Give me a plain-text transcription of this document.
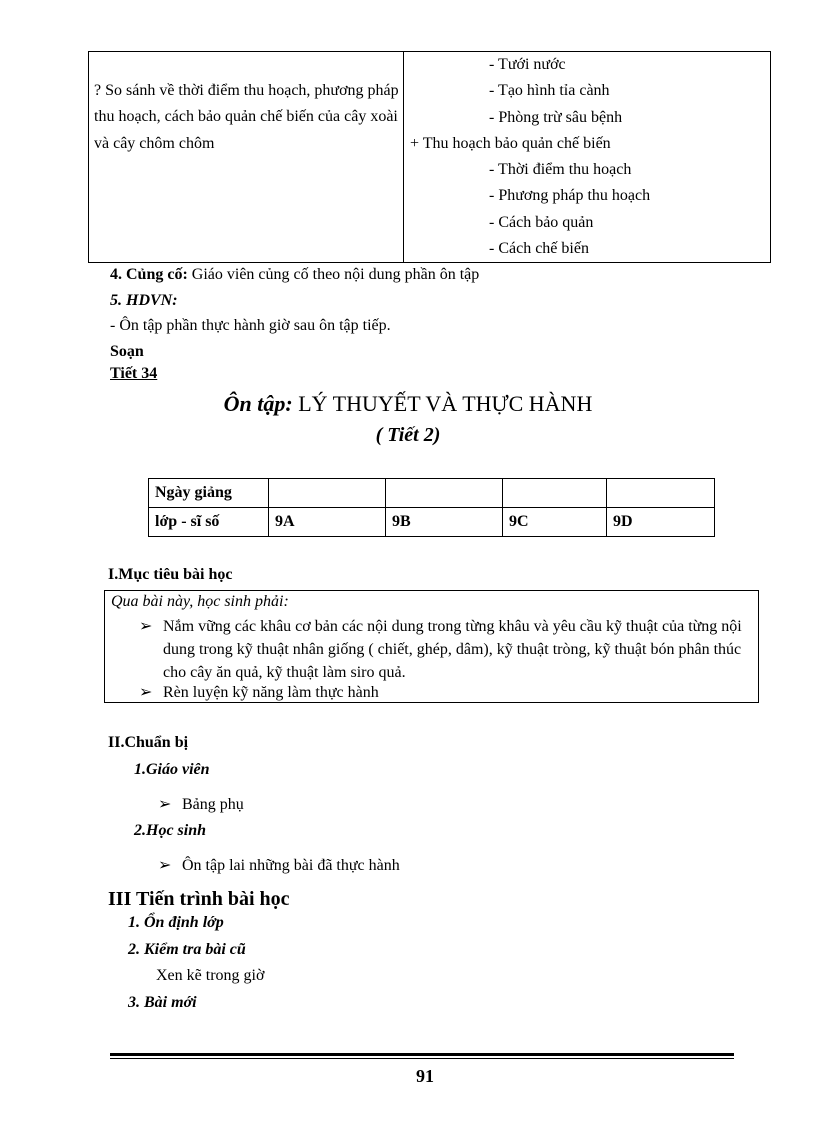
? So sánh về thời điểm thu hoạch, phương pháp thu hoạch, cách bảo quản chế biến của cây xoài và cây chôm chôm	
- Tưới nước
- Tạo hình tỉa cành
- Phòng trừ sâu bệnh
+ Thu hoạch bảo quản chế biến
- Thời điểm thu hoạch
- Phương pháp thu hoạch
- Cách bảo quản
- Cách chế biến
4. Củng cố: Giáo viên củng cố theo nội dung phần ôn tập
5. HDVN:
- Ôn tập phần thực hành giờ sau ôn tập tiếp.
Soạn
Tiết 34
Ôn tập: LÝ THUYẾT VÀ THỰC HÀNH
( Tiết 2)
Ngày giảng				
lớp - sĩ số	9A	9B	9C	9D
I.Mục tiêu bài học
Qua bài này, học sinh phải:
➢ Nắm vững các khâu cơ bản các nội dung trong từng khâu và yêu cầu kỹ thuật của từng nội dung trong kỹ thuật nhân giống ( chiết, ghép, dâm), kỹ thuật tròng, kỹ thuật bón phân thúc cho cây ăn quả, kỹ thuật làm siro quả.
➢ Rèn luyện kỹ năng làm thực hành
II.Chuẩn bị
1.Giáo viên
➢ Bảng phụ
2.Học sinh
➢ Ôn tập lai những bài đã thực hành
III Tiến trình bài học
1. Ổn định lớp
2. Kiểm tra bài cũ
Xen kẽ trong giờ
3. Bài mới
91
